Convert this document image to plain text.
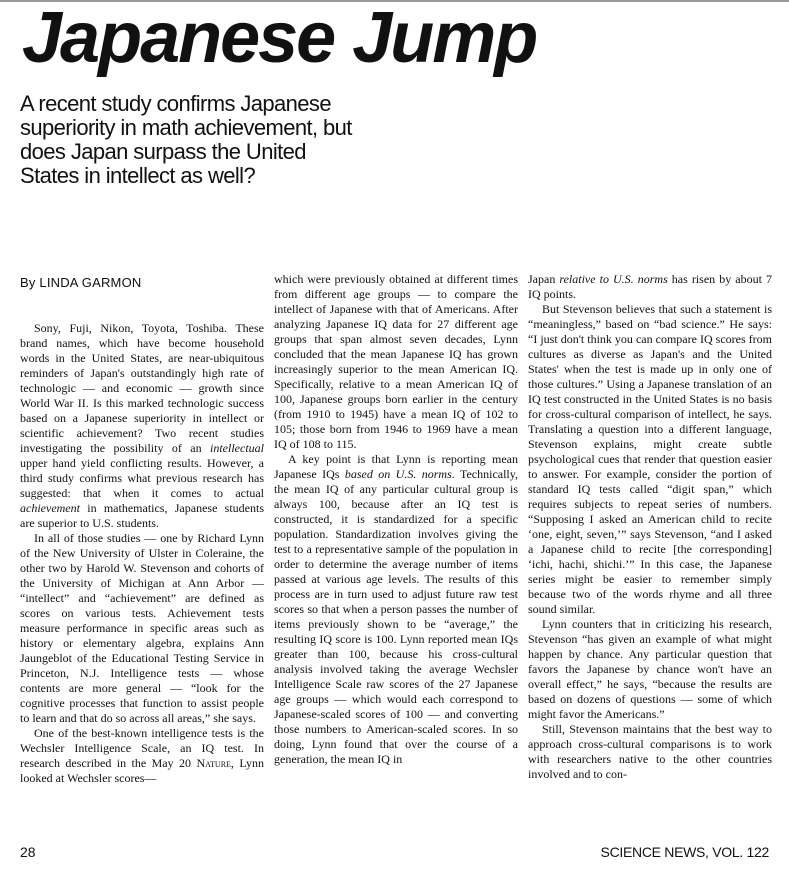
Japanese Jump
A recent study confirms Japanese
superiority in math achievement, but
does Japan surpass the United
States in intellect as well?
By LINDA GARMON

Sony, Fuji, Nikon, Toyota, Toshiba. These brand names, which have become household words in the United States, are near-ubiquitous reminders of Japan's outstandingly high rate of technologic — and economic — growth since World War II. Is this marked technologic success based on a Japanese superiority in intellect or scientific achievement? Two recent studies investigating the possibility of an intellectual upper hand yield conflicting results. However, a third study confirms what previous research has suggested: that when it comes to actual achievement in mathematics, Japanese students are superior to U.S. students.

In all of those studies — one by Richard Lynn of the New University of Ulster in Coleraine, the other two by Harold W. Stevenson and cohorts of the University of Michigan at Ann Arbor — “intellect” and “achievement” are defined as scores on various tests. Achievement tests measure performance in specific areas such as history or elementary algebra, explains Ann Jaungeblot of the Educational Testing Service in Princeton, N.J. Intelligence tests — whose contents are more general — “look for the cognitive processes that function to assist people to learn and that do so across all areas,” she says.

One of the best-known intelligence tests is the Wechsler Intelligence Scale, an IQ test. In research described in the May 20 Nature, Lynn looked at Wechsler scores—

which were previously obtained at different times from different age groups — to compare the intellect of Japanese with that of Americans. After analyzing Japanese IQ data for 27 different age groups that span almost seven decades, Lynn concluded that the mean Japanese IQ has grown increasingly superior to the mean American IQ. Specifically, relative to a mean American IQ of 100, Japanese groups born earlier in the century (from 1910 to 1945) have a mean IQ of 102 to 105; those born from 1946 to 1969 have a mean IQ of 108 to 115.

A key point is that Lynn is reporting mean Japanese IQs based on U.S. norms. Technically, the mean IQ of any particular cultural group is always 100, because after an IQ test is constructed, it is standardized for a specific population. Standardization involves giving the test to a representative sample of the population in order to determine the average number of items passed at various age levels. The results of this process are in turn used to adjust future raw test scores so that when a person passes the number of items previously shown to be “average,” the resulting IQ score is 100. Lynn reported mean IQs greater than 100, because his cross-cultural analysis involved taking the average Wechsler Intelligence Scale raw scores of the 27 Japanese age groups — which would each correspond to Japanese-scaled scores of 100 — and converting those numbers to American-scaled scores. In so doing, Lynn found that over the course of a generation, the mean IQ in

Japan relative to U.S. norms has risen by about 7 IQ points.

But Stevenson believes that such a statement is “meaningless,” based on “bad science.” He says: “I just don't think you can compare IQ scores from cultures as diverse as Japan's and the United States' when the test is made up in only one of those cultures.” Using a Japanese translation of an IQ test constructed in the United States is no basis for cross-cultural comparison of intellect, he says. Translating a question into a different language, Stevenson explains, might create subtle psychological cues that render that question easier to answer. For example, consider the portion of standard IQ tests called “digit span,” which requires subjects to repeat series of numbers. “Supposing I asked an American child to recite ‘one, eight, seven,’” says Stevenson, “and I asked a Japanese child to recite [the corresponding] ‘ichi, hachi, shichi.’” In this case, the Japanese series might be easier to remember simply because two of the words rhyme and all three sound similar.

Lynn counters that in criticizing his research, Stevenson “has given an example of what might happen by chance. Any particular question that favors the Japanese by chance won't have an overall effect,” he says, “because the results are based on dozens of questions — some of which might favor the Americans.”

Still, Stevenson maintains that the best way to approach cross-cultural comparisons is to work with researchers native to the other countries involved and to con-

28	SCIENCE NEWS, VOL. 122
